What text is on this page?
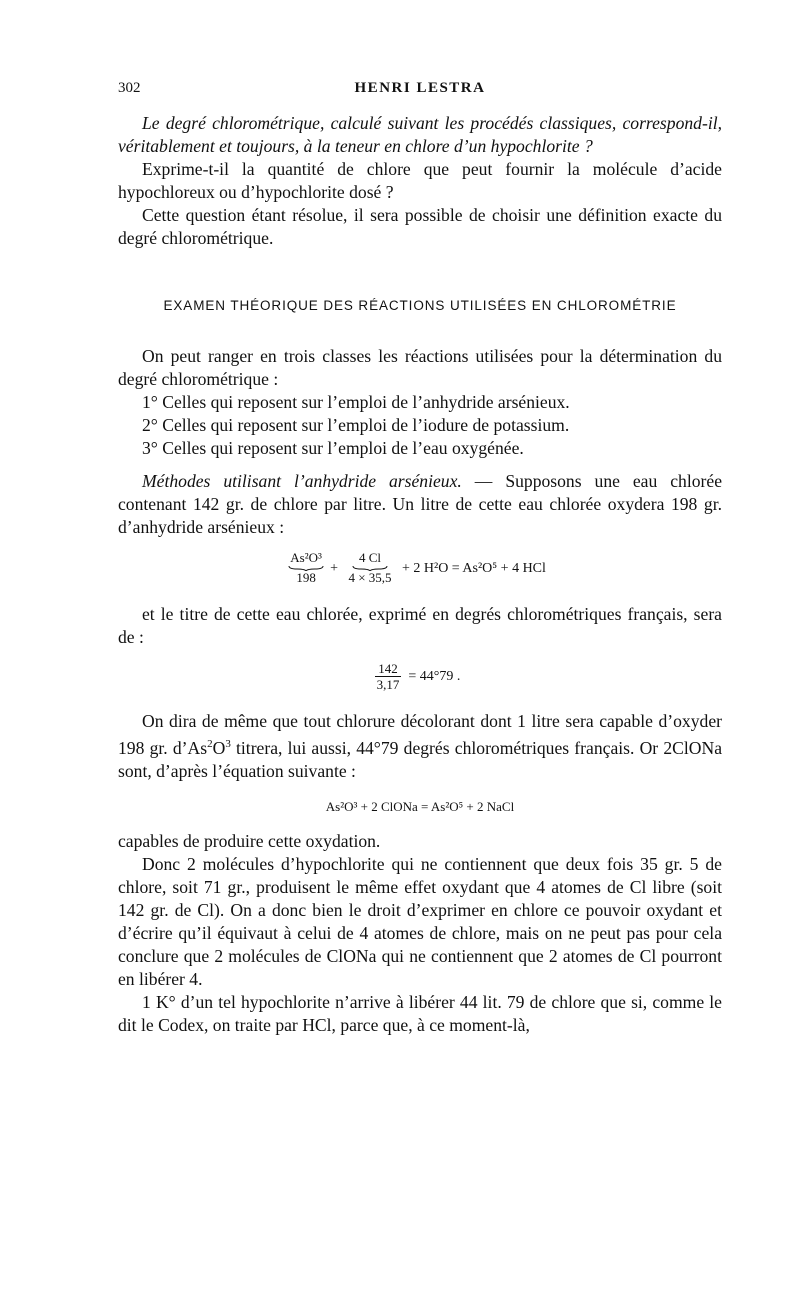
302	HENRI LESTRA

Le degré chlorométrique, calculé suivant les procédés classiques, correspond-il, véritablement et toujours, à la teneur en chlore d’un hypochlorite ?

Exprime-t-il la quantité de chlore que peut fournir la molécule d’acide hypochloreux ou d’hypochlorite dosé ?

Cette question étant résolue, il sera possible de choisir une définition exacte du degré chlorométrique.

EXAMEN THÉORIQUE DES RÉACTIONS UTILISÉES EN CHLOROMÉTRIE

On peut ranger en trois classes les réactions utilisées pour la détermination du degré chlorométrique :

1° Celles qui reposent sur l’emploi de l’anhydride arsénieux.
2° Celles qui reposent sur l’emploi de l’iodure de potassium.
3° Celles qui reposent sur l’emploi de l’eau oxygénée.

Méthodes utilisant l’anhydride arsénieux. — Supposons une eau chlorée contenant 142 gr. de chlore par litre. Un litre de cette eau chlorée oxydera 198 gr. d’anhydride arsénieux :

As²O³
198
+
4 Cl
4 × 35,5
+ 2 H²O = As²O⁵ + 4 HCl

et le titre de cette eau chlorée, exprimé en degrés chlorométriques français, sera de :

$\frac{142}{3,17} = 44^\circ 79$ .

On dira de même que tout chlorure décolorant dont 1 litre sera capable d’oxyder 198 gr. $d’As^2O^3$ titrera, lui aussi, 44°79 degrés chlorométriques français. Or 2ClONa sont, d’après l’équation suivante :

As²O³ + 2 ClONa = As²O⁵ + 2 NaCl

capables de produire cette oxydation.

Donc 2 molécules d’hypochlorite qui ne contiennent que deux fois 35 gr. 5 de chlore, soit 71 gr., produisent le même effet oxydant que 4 atomes de Cl libre (soit 142 gr. de Cl). On a donc bien le droit d’exprimer en chlore ce pouvoir oxydant et d’écrire qu’il équivaut à celui de 4 atomes de chlore, mais on ne peut pas pour cela conclure que 2 molécules de ClONa qui ne contiennent que 2 atomes de Cl pourront en libérer 4.

1 K° d’un tel hypochlorite n’arrive à libérer 44 lit. 79 de chlore que si, comme le dit le Codex, on traite par HCl, parce que, à ce moment-là,
